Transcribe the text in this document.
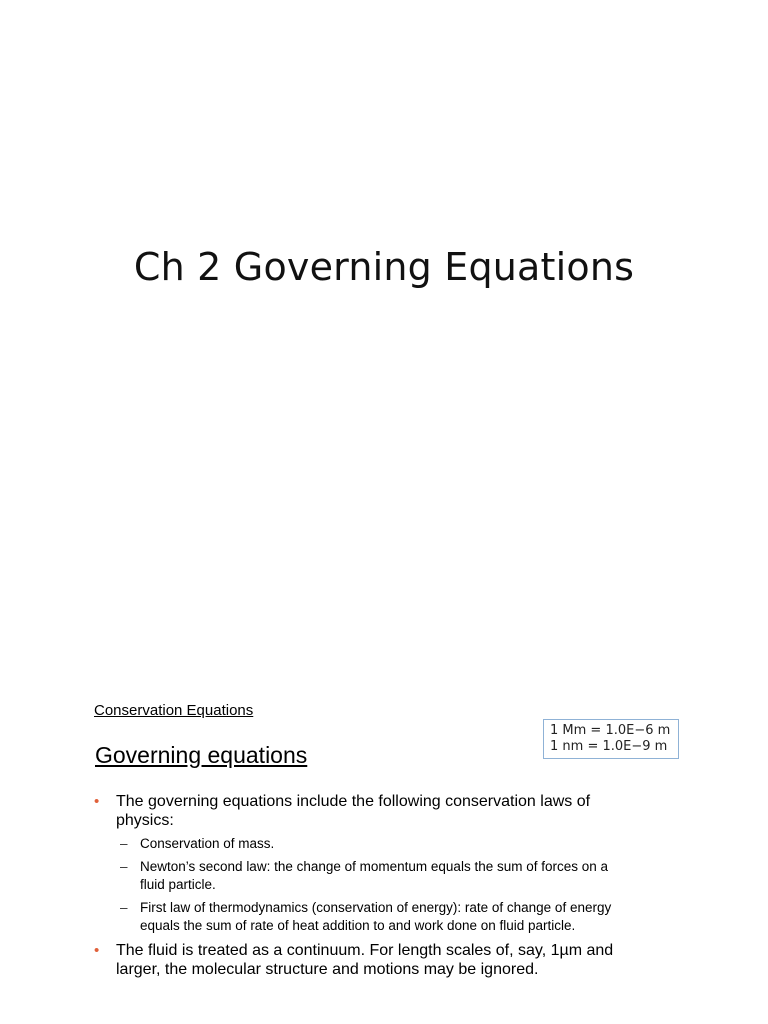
Ch 2 Governing Equations
Conservation Equations
1 Mm = 1.0E−6 m
1 nm = 1.0E−9 m
Governing equations
•	The governing equations include the following conservation laws of physics:
– Conservation of mass.
– Newton’s second law: the change of momentum equals the sum of forces on a fluid particle.
– First law of thermodynamics (conservation of energy): rate of change of energy equals the sum of rate of heat addition to and work done on fluid particle.
•	The fluid is treated as a continuum. For length scales of, say, 1µm and larger, the molecular structure and motions may be ignored.
